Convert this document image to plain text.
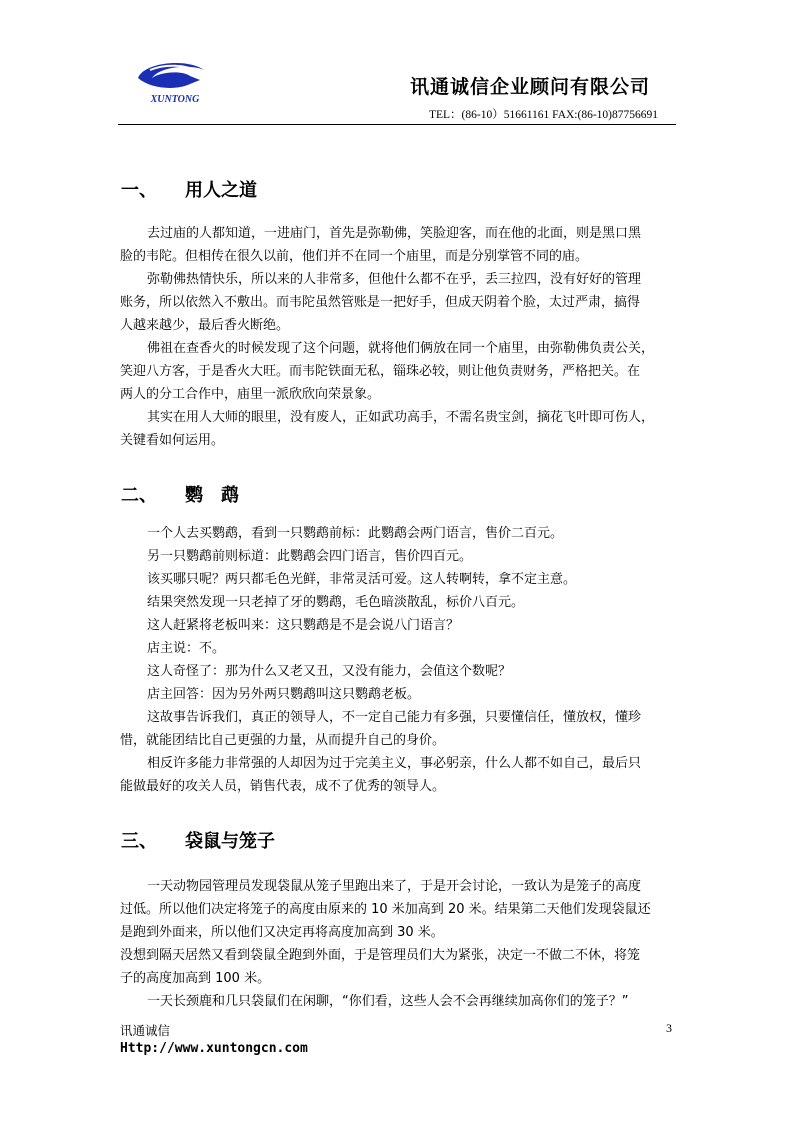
XUNTONG
讯通诚信企业顾问有限公司
TEL：(86-10）51661161 FAX:(86-10)87756691
一、 用人之道
去过庙的人都知道，一进庙门，首先是弥勒佛，笑脸迎客，而在他的北面，则是黑口黑
脸的韦陀。但相传在很久以前，他们并不在同一个庙里，而是分别掌管不同的庙。
弥勒佛热情快乐，所以来的人非常多，但他什么都不在乎，丢三拉四，没有好好的管理
账务，所以依然入不敷出。而韦陀虽然管账是一把好手，但成天阴着个脸，太过严肃，搞得
人越来越少，最后香火断绝。
佛祖在查香火的时候发现了这个问题，就将他们俩放在同一个庙里，由弥勒佛负责公关，
笑迎八方客，于是香火大旺。而韦陀铁面无私，锱珠必较，则让他负责财务，严格把关。在
两人的分工合作中，庙里一派欣欣向荣景象。
其实在用人大师的眼里，没有废人，正如武功高手，不需名贵宝剑，摘花飞叶即可伤人，
关键看如何运用。
二、 鹦　鹉
一个人去买鹦鹉，看到一只鹦鹉前标：此鹦鹉会两门语言，售价二百元。
另一只鹦鹉前则标道：此鹦鹉会四门语言，售价四百元。
该买哪只呢？两只都毛色光鲜，非常灵活可爱。这人转啊转，拿不定主意。
结果突然发现一只老掉了牙的鹦鹉，毛色暗淡散乱，标价八百元。
这人赶紧将老板叫来：这只鹦鹉是不是会说八门语言？
店主说：不。
这人奇怪了：那为什么又老又丑，又没有能力，会值这个数呢？
店主回答：因为另外两只鹦鹉叫这只鹦鹉老板。
这故事告诉我们，真正的领导人，不一定自己能力有多强，只要懂信任，懂放权，懂珍
惜，就能团结比自己更强的力量，从而提升自己的身价。
相反许多能力非常强的人却因为过于完美主义，事必躬亲，什么人都不如自己，最后只
能做最好的攻关人员，销售代表，成不了优秀的领导人。
三、 袋鼠与笼子
一天动物园管理员发现袋鼠从笼子里跑出来了，于是开会讨论，一致认为是笼子的高度
过低。所以他们决定将笼子的高度由原来的 10 米加高到 20 米。结果第二天他们发现袋鼠还
是跑到外面来，所以他们又决定再将高度加高到 30 米。
没想到隔天居然又看到袋鼠全跑到外面，于是管理员们大为紧张，决定一不做二不休，将笼
子的高度加高到 100 米。
一天长颈鹿和几只袋鼠们在闲聊，“你们看，这些人会不会再继续加高你们的笼子？”
讯通诚信	3
Http://www.xuntongcn.com
